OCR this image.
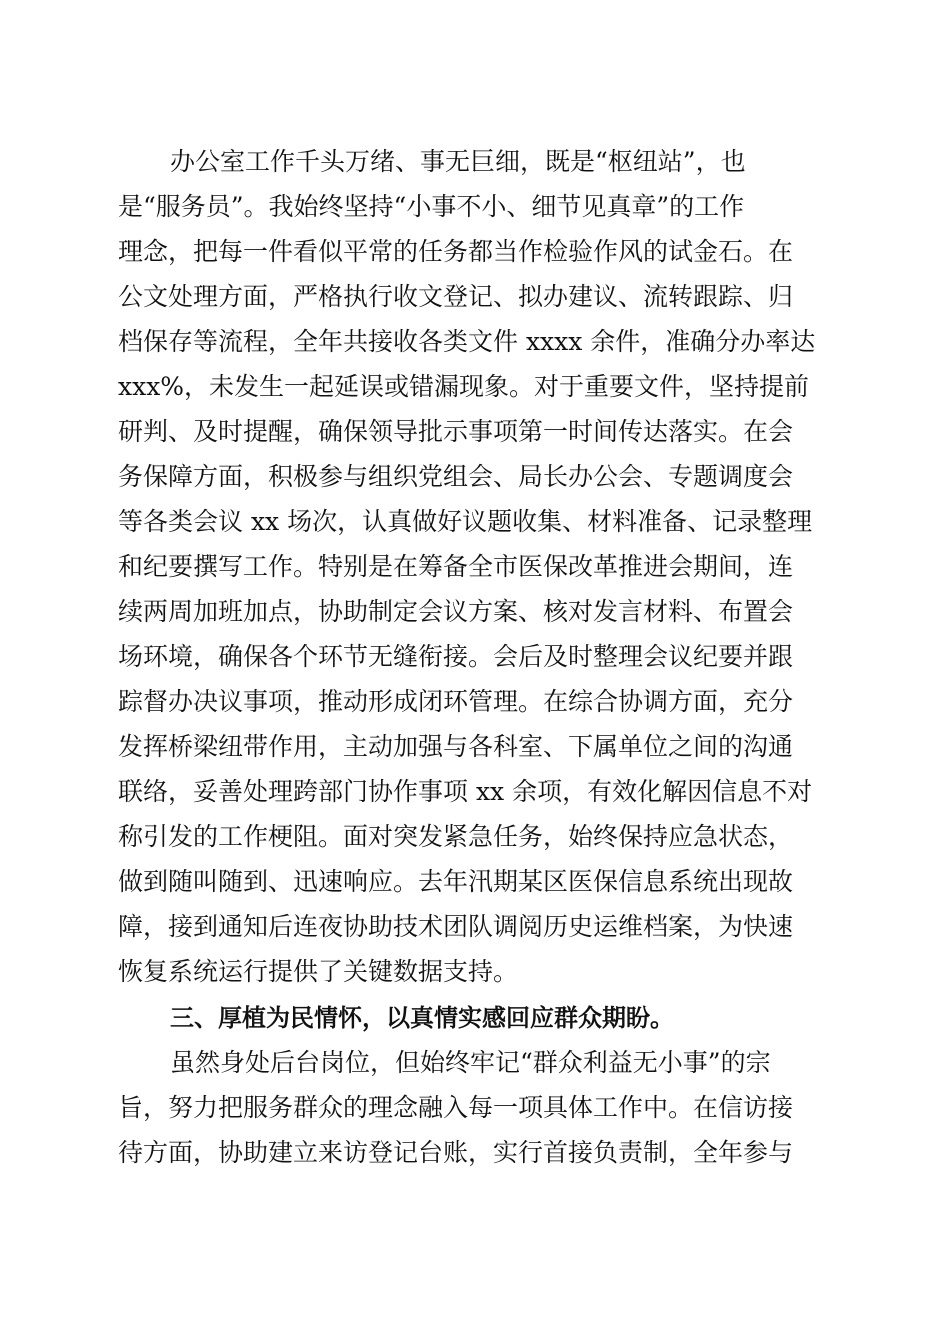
办公室工作千头万绪、事无巨细，既是“枢纽站”，也
是“服务员”。我始终坚持“小事不小、细节见真章”的工作
理念，把每一件看似平常的任务都当作检验作风的试金石。在
公文处理方面，严格执行收文登记、拟办建议、流转跟踪、归
档保存等流程，全年共接收各类文件 xxxx 余件，准确分办率达
xxx%，未发生一起延误或错漏现象。对于重要文件，坚持提前
研判、及时提醒，确保领导批示事项第一时间传达落实。在会
务保障方面，积极参与组织党组会、局长办公会、专题调度会
等各类会议 xx 场次，认真做好议题收集、材料准备、记录整理
和纪要撰写工作。特别是在筹备全市医保改革推进会期间，连
续两周加班加点，协助制定会议方案、核对发言材料、布置会
场环境，确保各个环节无缝衔接。会后及时整理会议纪要并跟
踪督办决议事项，推动形成闭环管理。在综合协调方面，充分
发挥桥梁纽带作用，主动加强与各科室、下属单位之间的沟通
联络，妥善处理跨部门协作事项 xx 余项，有效化解因信息不对
称引发的工作梗阻。面对突发紧急任务，始终保持应急状态，
做到随叫随到、迅速响应。去年汛期某区医保信息系统出现故
障，接到通知后连夜协助技术团队调阅历史运维档案，为快速
恢复系统运行提供了关键数据支持。
三、厚植为民情怀，以真情实感回应群众期盼。
虽然身处后台岗位，但始终牢记“群众利益无小事”的宗
旨，努力把服务群众的理念融入每一项具体工作中。在信访接
待方面，协助建立来访登记台账，实行首接负责制，全年参与
